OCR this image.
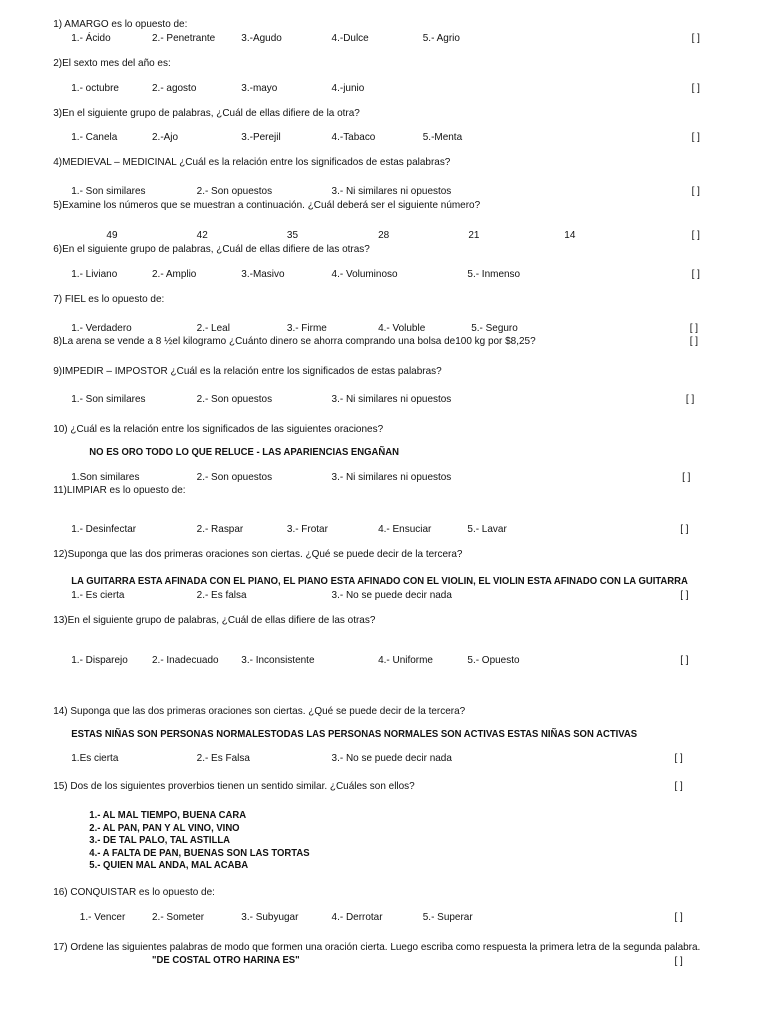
1) AMARGO es lo opuesto de:
1.- Ácido	2.- Penetrante 3.-Agudo	4.-Dulce	5.- Agrio	[ ]
2)El sexto mes del año es:
1.- octubre	2.- agosto	3.-mayo	4.-junio	[ ]
3)En el siguiente grupo de palabras, ¿Cuál de ellas difiere de la otra?
1.- Canela	2.-Ajo	3.-Perejil	4.-Tabaco	5.-Menta	[ ]
4)MEDIEVAL – MEDICINAL ¿Cuál es la relación entre los significados de estas palabras?
1.- Son similares	2.- Son opuestos	3.- Ni similares ni opuestos	[ ]
5)Examine los números que se muestran a continuación. ¿Cuál deberá ser el siguiente número?
49	42	35	28	21	14	[ ]
6)En el siguiente grupo de palabras, ¿Cuál de ellas difiere de las otras?
1.- Liviano	2.- Amplio	3.-Masivo	4.- Voluminoso	5.- Inmenso	[ ]
7) FIEL es lo opuesto de:
1.- Verdadero	2.- Leal	3.- Firme	4.- Voluble	5.- Seguro	[ ]
8)La arena se vende a 8 ½el kilogramo ¿Cuánto dinero se ahorra comprando una bolsa de100 kg por $8,25?	[ ]
9)IMPEDIR – IMPOSTOR ¿Cuál es la relación entre los significados de estas palabras?
1.- Son similares	2.- Son opuestos	3.- Ni similares ni opuestos	[ ]
10) ¿Cuál es la relación entre los significados de las siguientes oraciones?
NO ES ORO TODO LO QUE RELUCE - LAS APARIENCIAS ENGAÑAN
1.Son similares	2.- Son opuestos	3.- Ni similares ni opuestos	[ ]
11)LIMPIAR es lo opuesto de:
1.- Desinfectar	2.- Raspar	3.- Frotar	4.- Ensuciar	5.- Lavar	[ ]
12)Suponga que las dos primeras oraciones son ciertas. ¿Qué se puede decir de la tercera?
LA GUITARRA ESTA AFINADA CON EL PIANO, EL PIANO ESTA AFINADO CON EL VIOLIN, EL VIOLIN ESTA AFINADO CON LA GUITARRA
1.- Es cierta	2.- Es falsa	3.- No se puede decir nada	[ ]
13)En el siguiente grupo de palabras, ¿Cuál de ellas difiere de las otras?
1.- Disparejo 2.- Inadecuado 3.- Inconsistente	4.- Uniforme	5.- Opuesto	[ ]
14) Suponga que las dos primeras oraciones son ciertas. ¿Qué se puede decir de la tercera?
ESTAS NIÑAS SON PERSONAS NORMALESTODAS LAS PERSONAS NORMALES SON ACTIVAS ESTAS NIÑAS SON ACTIVAS
1.Es cierta	2.- Es Falsa	3.- No se puede decir nada	[ ]
15) Dos de los siguientes proverbios tienen un sentido similar. ¿Cuáles son ellos?	[ ]
1.- AL MAL TIEMPO, BUENA CARA
2.- AL PAN, PAN Y AL VINO, VINO
3.- DE TAL PALO, TAL ASTILLA
4.- A FALTA DE PAN, BUENAS SON LAS TORTAS
5.- QUIEN MAL ANDA, MAL ACABA
16) CONQUISTAR es lo opuesto de:
1.- Vencer	2.- Someter	3.- Subyugar	4.- Derrotar	5.- Superar	[ ]
17) Ordene las siguientes palabras de modo que formen una oración cierta. Luego escriba como respuesta la primera letra de la segunda palabra.
"DE COSTAL OTRO HARINA ES"	[ ]
